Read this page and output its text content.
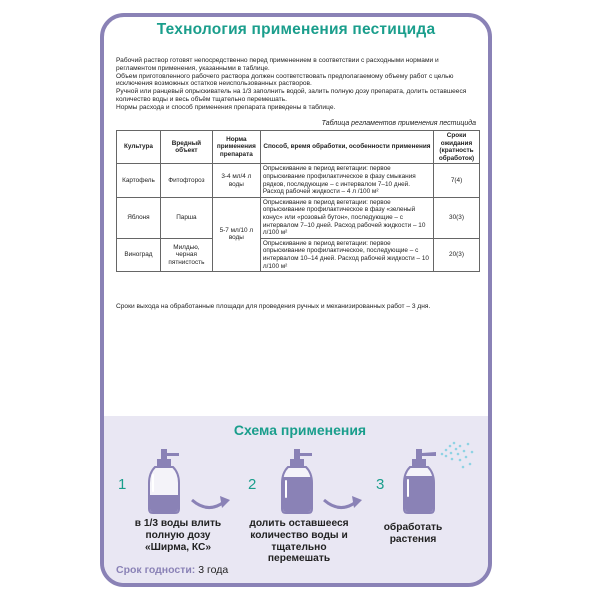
Технология применения пестицида

Рабочий раствор готовят непосредственно перед применением в соответствии с расходными нормами и регламентом применения, указанными в таблице.

Объем приготовленного рабочего раствора должен соответствовать предполагаемому объему работ с целью исключения возможных остатков неиспользованных растворов.

Ручной или ранцевый опрыскиватель на 1/3 заполнить водой, залить полную дозу препарата, долить оставшееся количество воды и весь объём тщательно перемешать.

Нормы расхода и способ применения препарата приведены в таблице.

Таблица регламентов применения пестицида
Культура	Вредный объект	Норма применения препарата	Способ, время обработки, особенности применения	Сроки ожидания (кратность обработок)
Картофель	Фитофтороз	3-4 мл/4 л воды	Опрыскивание в период вегетации: первое опрыскивание профилактическое в фазу смыкания рядков, последующие – с интервалом 7–10 дней. Расход рабочей жидкости – 4 л /100 м²	7(4)
Яблоня	Парша	5-7 мл/10 л воды	Опрыскивание в период вегетации: первое опрыскивание профилактическое в фазу «зеленый конус» или «розовый бутон», последующие – с интервалом 7–10 дней. Расход рабочей жидкости – 10 л/100 м²	30(3)
Виноград	Милдью, черная пятнистость		Опрыскивание в период вегетации: первое опрыскивание профилактическое, последующие – с интервалом 10–14 дней. Расход рабочей жидкости – 10 л/100 м²	20(3)
Сроки выхода на обработанные площади для проведения ручных и механизированных работ – 3 дня.
Схема применения
1
в 1/3 воды влить полную дозу «Ширма, КС»
2
долить оставшееся количество воды и тщательно перемешать
3
обработать растения
Срок годности: 3 года
